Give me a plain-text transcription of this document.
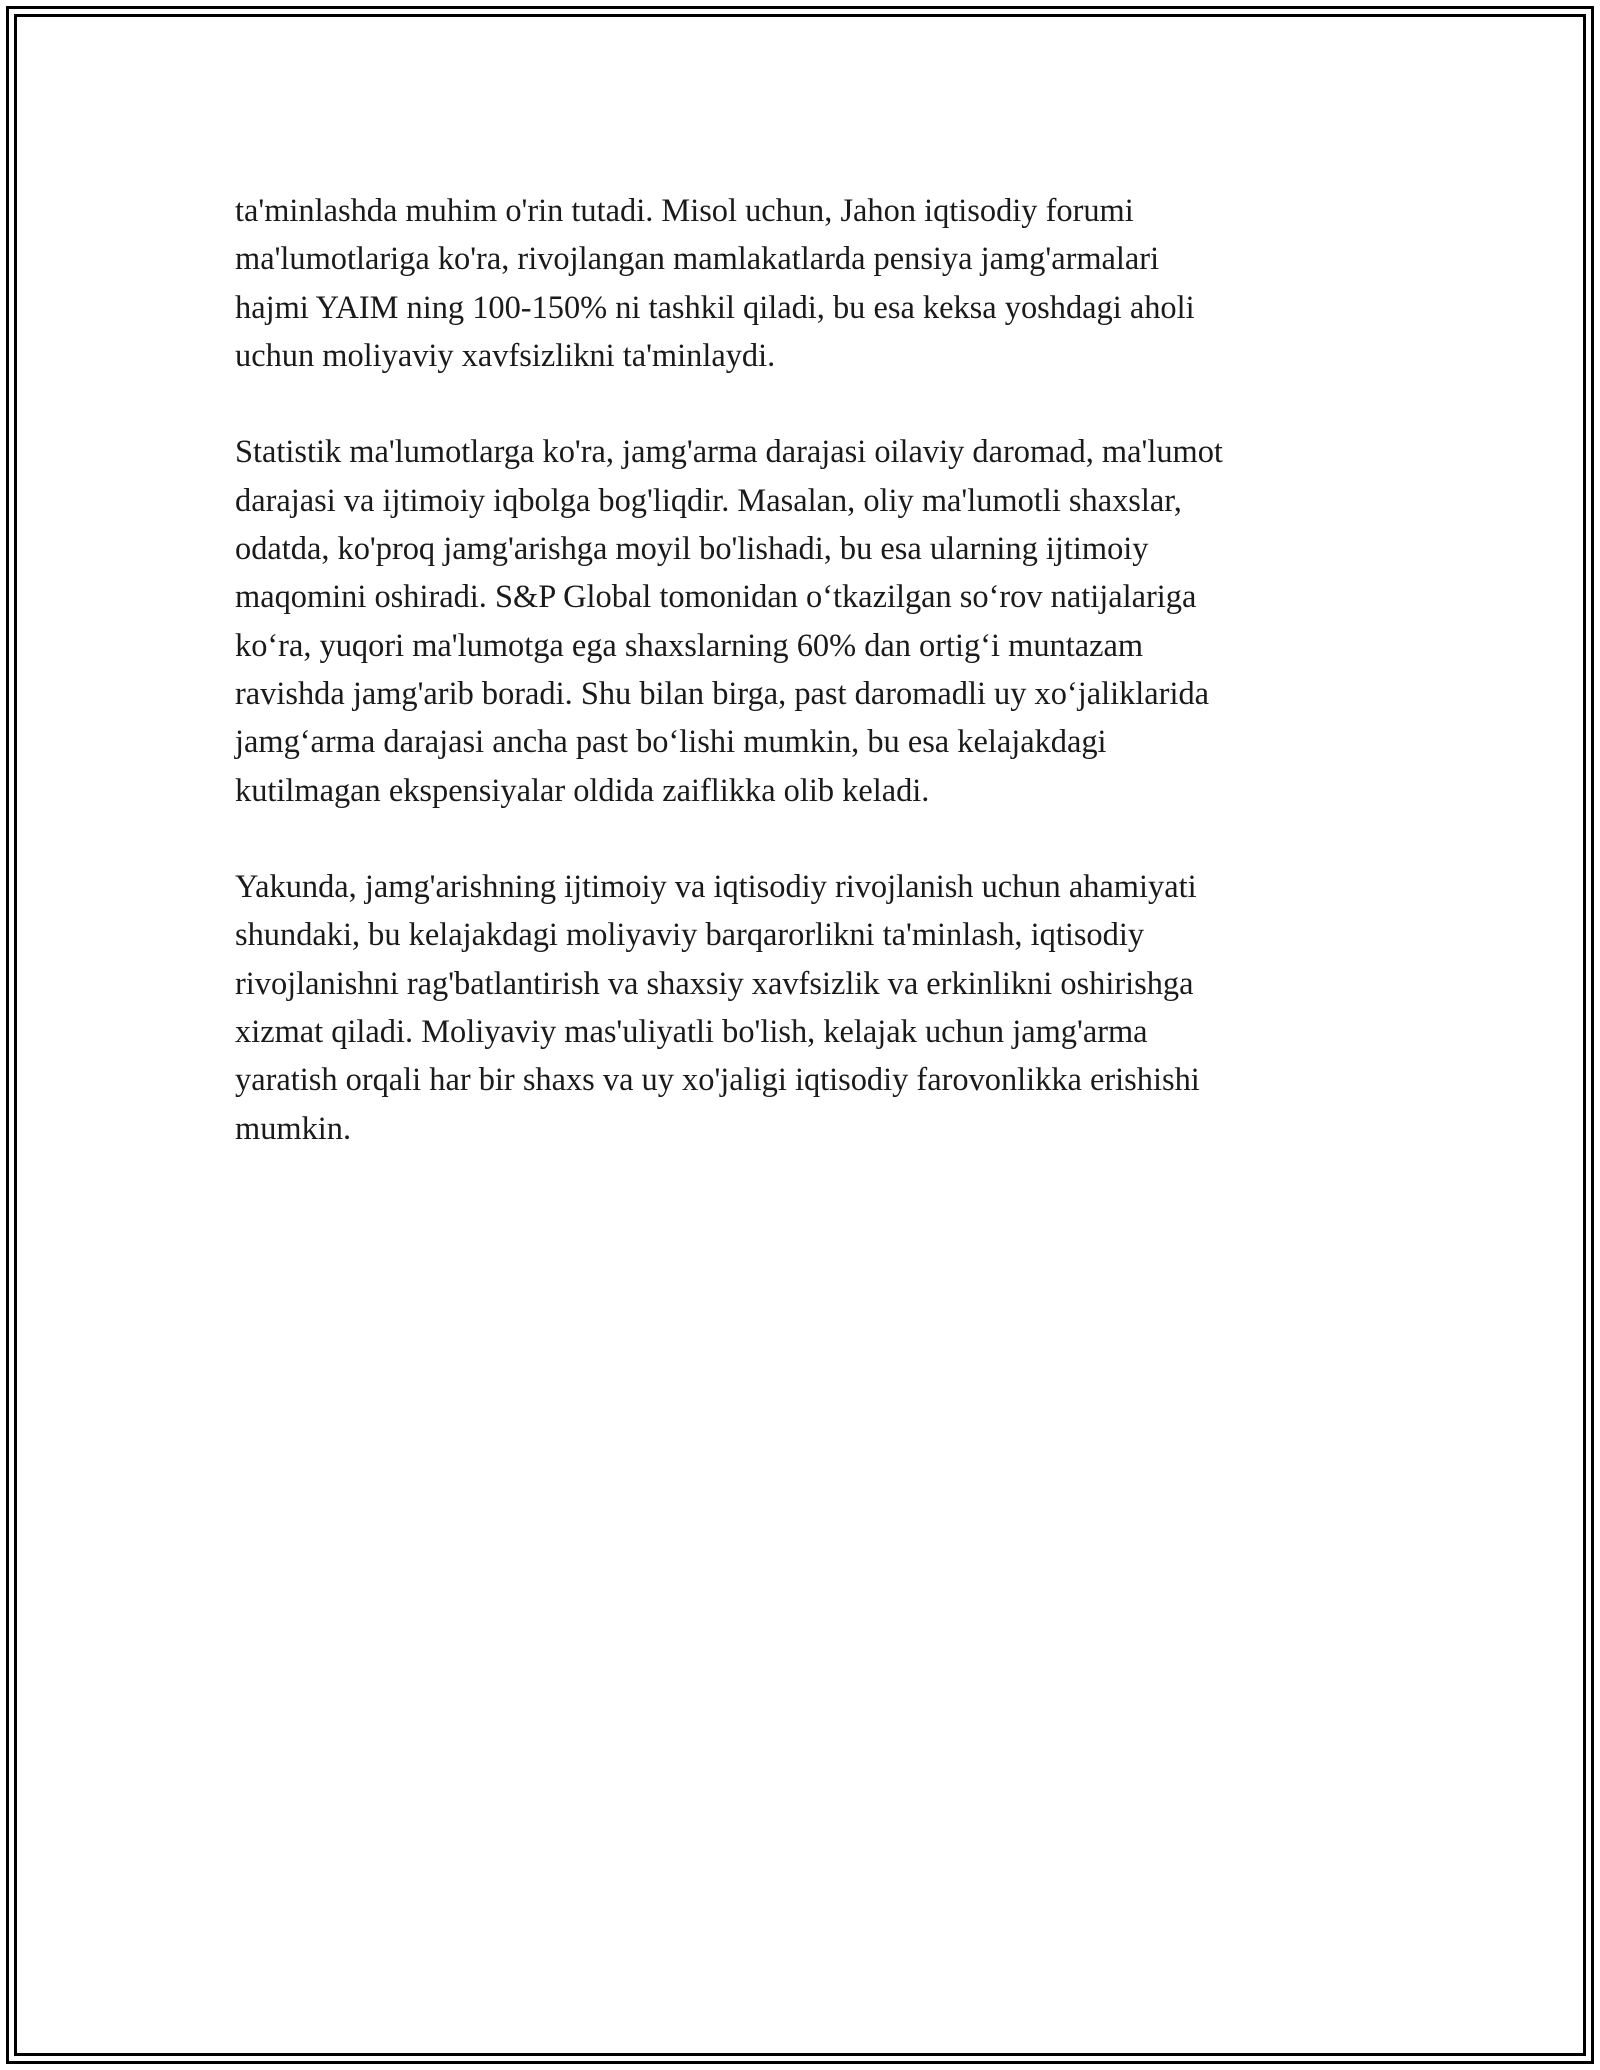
ta'minlashda muhim o'rin tutadi. Misol uchun, Jahon iqtisodiy forumi
ma'lumotlariga ko'ra, rivojlangan mamlakatlarda pensiya jamg'armalari
hajmi YAIM ning 100-150% ni tashkil qiladi, bu esa keksa yoshdagi aholi
uchun moliyaviy xavfsizlikni ta'minlaydi.

Statistik ma'lumotlarga ko'ra, jamg'arma darajasi oilaviy daromad, ma'lumot
darajasi va ijtimoiy iqbolga bog'liqdir. Masalan, oliy ma'lumotli shaxslar,
odatda, ko'proq jamg'arishga moyil bo'lishadi, bu esa ularning ijtimoiy
maqomini oshiradi. S&P Global tomonidan o‘tkazilgan so‘rov natijalariga
ko‘ra, yuqori ma'lumotga ega shaxslarning 60% dan ortig‘i muntazam
ravishda jamg'arib boradi. Shu bilan birga, past daromadli uy xo‘jaliklarida
jamg‘arma darajasi ancha past bo‘lishi mumkin, bu esa kelajakdagi
kutilmagan ekspensiyalar oldida zaiflikka olib keladi.

Yakunda, jamg'arishning ijtimoiy va iqtisodiy rivojlanish uchun ahamiyati
shundaki, bu kelajakdagi moliyaviy barqarorlikni ta'minlash, iqtisodiy
rivojlanishni rag'batlantirish va shaxsiy xavfsizlik va erkinlikni oshirishga
xizmat qiladi. Moliyaviy mas'uliyatli bo'lish, kelajak uchun jamg'arma
yaratish orqali har bir shaxs va uy xo'jaligi iqtisodiy farovonlikka erishishi
mumkin.
